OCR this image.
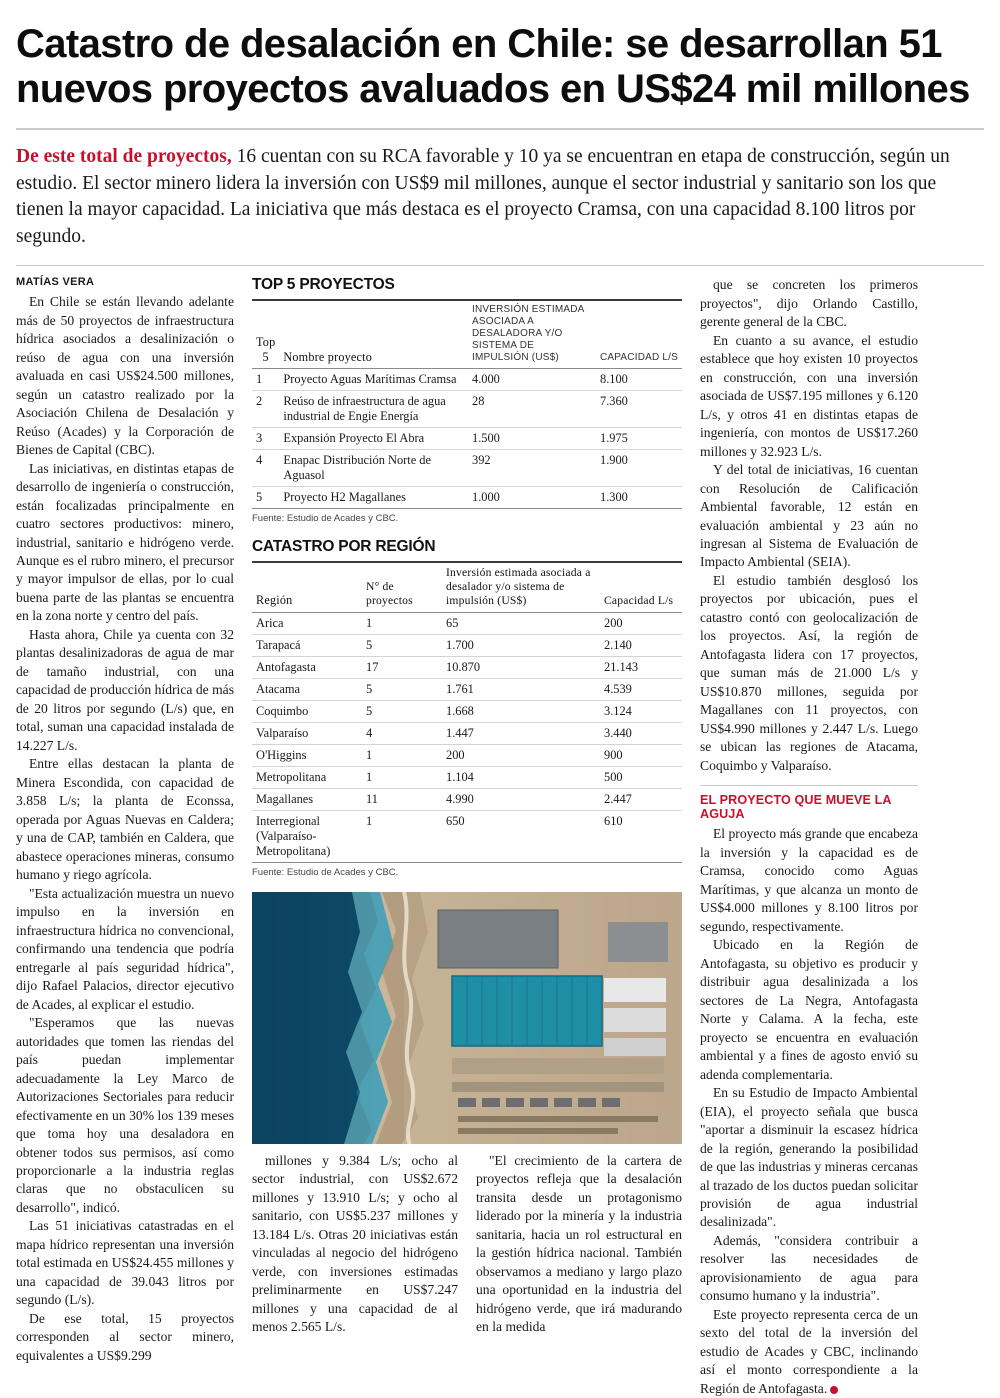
Catastro de desalación en Chile: se desarrollan 51 nuevos proyectos avaluados en US$24 mil millones

De este total de proyectos, 16 cuentan con su RCA favorable y 10 ya se encuentran en etapa de construcción, según un estudio. El sector minero lidera la inversión con US$9 mil millones, aunque el sector industrial y sanitario son los que tienen la mayor capacidad. La iniciativa que más destaca es el proyecto Cramsa, con una capacidad 8.100 litros por segundo.

MATÍAS VERA

En Chile se están llevando adelante más de 50 proyectos de infraestructura hídrica asociados a desalinización o reúso de agua con una inversión avaluada en casi US$24.500 millones, según un catastro realizado por la Asociación Chilena de Desalación y Reúso (Acades) y la Corporación de Bienes de Capital (CBC).

Las iniciativas, en distintas etapas de desarrollo de ingeniería o construcción, están focalizadas principalmente en cuatro sectores productivos: minero, industrial, sanitario e hidrógeno verde. Aunque es el rubro minero, el precursor y mayor impulsor de ellas, por lo cual buena parte de las plantas se encuentra en la zona norte y centro del país.

Hasta ahora, Chile ya cuenta con 32 plantas desalinizadoras de agua de mar de tamaño industrial, con una capacidad de producción hídrica de más de 20 litros por segundo (L/s) que, en total, suman una capacidad instalada de 14.227 L/s.

Entre ellas destacan la planta de Minera Escondida, con capacidad de 3.858 L/s; la planta de Econssa, operada por Aguas Nuevas en Caldera; y una de CAP, también en Caldera, que abastece operaciones mineras, consumo humano y riego agrícola.

"Esta actualización muestra un nuevo impulso en la inversión en infraestructura hídrica no convencional, confirmando una tendencia que podría entregarle al país seguridad hídrica", dijo Rafael Palacios, director ejecutivo de Acades, al explicar el estudio.

"Esperamos que las nuevas autoridades que tomen las riendas del país puedan implementar adecuadamente la Ley Marco de Autorizaciones Sectoriales para reducir efectivamente en un 30% los 139 meses que toma hoy una desaladora en obtener todos sus permisos, así como proporcionarle a la industria reglas claras que no obstaculicen su desarrollo", indicó.

Las 51 iniciativas catastradas en el mapa hídrico representan una inversión total estimada en US$24.455 millones y una capacidad de 39.043 litros por segundo (L/s).

De ese total, 15 proyectos corresponden al sector minero, equivalentes a US$9.299

TOP 5 PROYECTOS
Top 5	Nombre proyecto	INVERSIÓN ESTIMADA ASOCIADA A DESALADORA Y/O SISTEMA DE IMPULSIÓN (US$)	CAPACIDAD L/S
1	Proyecto Aguas Marítimas Cramsa	4.000	8.100
2	Reúso de infraestructura de agua industrial de Engie Energía	28	7.360
3	Expansión Proyecto El Abra	1.500	1.975
4	Enapac Distribución Norte de Aguasol	392	1.900
5	Proyecto H2 Magallanes	1.000	1.300
Fuente: Estudio de Acades y CBC.
CATASTRO POR REGIÓN
Región	N° de proyectos	Inversión estimada asociada a desalador y/o sistema de impulsión (US$)	Capacidad L/s
Arica	1	65	200
Tarapacá	5	1.700	2.140
Antofagasta	17	10.870	21.143
Atacama	5	1.761	4.539
Coquimbo	5	1.668	3.124
Valparaíso	4	1.447	3.440
O'Higgins	1	200	900
Metropolitana	1	1.104	500
Magallanes	11	4.990	2.447
Interregional (Valparaíso-Metropolitana)	1	650	610
Fuente: Estudio de Acades y CBC.

millones y 9.384 L/s; ocho al sector industrial, con US$2.672 millones y 13.910 L/s; y ocho al sanitario, con US$5.237 millones y 13.184 L/s. Otras 20 iniciativas están vinculadas al negocio del hidrógeno verde, con inversiones estimadas preliminarmente en US$7.247 millones y una capacidad de al menos 2.565 L/s.

"El crecimiento de la cartera de proyectos refleja que la desalación transita desde un protagonismo liderado por la minería y la industria sanitaria, hacia un rol estructural en la gestión hídrica nacional. También observamos a mediano y largo plazo una oportunidad en la industria del hidrógeno verde, que irá madurando en la medida

que se concreten los primeros proyectos", dijo Orlando Castillo, gerente general de la CBC.

En cuanto a su avance, el estudio establece que hoy existen 10 proyectos en construcción, con una inversión asociada de US$7.195 millones y 6.120 L/s, y otros 41 en distintas etapas de ingeniería, con montos de US$17.260 millones y 32.923 L/s.

Y del total de iniciativas, 16 cuentan con Resolución de Calificación Ambiental favorable, 12 están en evaluación ambiental y 23 aún no ingresan al Sistema de Evaluación de Impacto Ambiental (SEIA).

El estudio también desglosó los proyectos por ubicación, pues el catastro contó con geolocalización de los proyectos. Así, la región de Antofagasta lidera con 17 proyectos, que suman más de 21.000 L/s y US$10.870 millones, seguida por Magallanes con 11 proyectos, con US$4.990 millones y 2.447 L/s. Luego se ubican las regiones de Atacama, Coquimbo y Valparaíso.

EL PROYECTO QUE MUEVE LA AGUJA

El proyecto más grande que encabeza la inversión y la capacidad es de Cramsa, conocido como Aguas Marítimas, y que alcanza un monto de US$4.000 millones y 8.100 litros por segundo, respectivamente.

Ubicado en la Región de Antofagasta, su objetivo es producir y distribuir agua desalinizada a los sectores de La Negra, Antofagasta Norte y Calama. A la fecha, este proyecto se encuentra en evaluación ambiental y a fines de agosto envió su adenda complementaria.

En su Estudio de Impacto Ambiental (EIA), el proyecto señala que busca "aportar a disminuir la escasez hídrica de la región, generando la posibilidad de que las industrias y mineras cercanas al trazado de los ductos puedan solicitar provisión de agua industrial desalinizada".

Además, "considera contribuir a resolver las necesidades de aprovisionamiento de agua para consumo humano y la industria".

Este proyecto representa cerca de un sexto del total de la inversión del estudio de Acades y CBC, inclinando así el monto correspondiente a la Región de Antofagasta.
